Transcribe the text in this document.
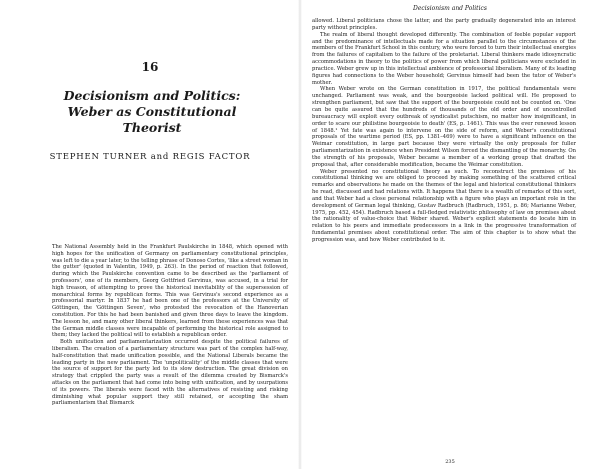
16
Decisionism and Politics:
Weber as Constitutional
Theorist
STEPHEN TURNER and REGIS FACTOR

The National Assembly held in the Frankfurt Paulskirche in 1848, which opened with high hopes for the unification of Germany on parliamentary constitutional principles, was left to die a year later, to the telling phrase of Donoso Cortes, 'like a street woman in the gutter' (quoted in Valentin, 1949, p. 263). In the period of reaction that followed, during which the Paulskirche convention came to be described as the 'parliament of professors', one of its members, Georg Gottfried Gervinus, was accused, in a trial for high treason, of attempting to prove the historical inevitability of the supersession of monarchical forms by republican forms. This was Gervinus's second experience as a professorial martyr. In 1837 he had been one of the professors at the University of Göttingen, the 'Göttingen Seven', who protested the revocation of the Hanoverian constitution. For this he had been banished and given three days to leave the kingdom. The lesson he, and many other liberal thinkers, learned from these experiences was that the German middle classes were incapable of performing the historical role assigned to them; they lacked the political will to establish a republican order.

Both unification and parliamentarization occurred despite the political failures of liberalism. The creation of a parliamentary structure was part of the complex half-way, half-constitution that made unification possible, and the National Liberals became the leading party in the new parliament. The 'unpoliticality' of the middle classes that were the source of support for the party led to its slow destruction. The great division on strategy that crippled the party was a result of the dilemma created by Bismarck's attacks on the parliament that had come into being with unification, and by usurpations of its powers. The liberals were faced with the alternatives of resisting and risking diminishing what popular support they still retained, or accepting the sham parliamentarism that Bismarck

Decisionism and Politics

allowed. Liberal politicians chose the latter, and the party gradually degenerated into an interest party without principles.

The realm of liberal thought developed differently. The combination of feeble popular support and the predominance of intellectuals made for a situation parallel to the circumstances of the members of the Frankfurt School in this century, who were forced to turn their intellectual energies from the failures of capitalism to the failure of the proletariat. Liberal thinkers made idiosyncratic accommodations in theory to the politics of power from which liberal politicians were excluded in practice. Weber grew up in this intellectual ambience of professorial liberalism. Many of its leading figures had connections to the Weber household; Gervinus himself had been the tutor of Weber's mother.

When Weber wrote on the German constitution in 1917, the political fundamentals were unchanged. Parliament was weak, and the bourgeoisie lacked political will. He proposed to strengthen parliament, but saw that the support of the bourgeoisie could not be counted on. 'One can be quite assured that the hundreds of thousands of the old order and of uncontrolled bureaucracy will exploit every outbreak of syndicalist putschism, no matter how insignificant, in order to scare our philistine bourgeoisie to death' (ES, p. 1461). This was the ever renewed lesson of 1848.¹ Yet fate was again to intervene on the side of reform, and Weber's constitutional proposals of the wartime period (ES, pp. 1381–469) were to have a significant influence on the Weimar constitution, in large part because they were virtually the only proposals for fuller parliamentarization in existence when President Wilson forced the dismantling of the monarchy. On the strength of his proposals, Weber became a member of a working group that drafted the proposal that, after considerable modification, became the Weimar constitution.

Weber presented no constitutional theory as such. To reconstruct the premises of his constitutional thinking we are obliged to proceed by making something of the scattered critical remarks and observations he made on the themes of the legal and historical constitutional thinkers he read, discussed and had relations with. It happens that there is a wealth of remarks of this sort, and that Weber had a close personal relationship with a figure who plays an important role in the development of German legal thinking, Gustav Radbruch (Radbruch, 1951, p. 86; Marianne Weber, 1975, pp. 452, 454). Radbruch based a full-fledged relativistic philosophy of law on premises about the rationality of value-choice that Weber shared. Weber's explicit statements do locate him in relation to his peers and immediate predecessors in a link in the progressive transformation of fundamental premises about constitutional order. The aim of this chapter is to show what the progression was, and how Weber contributed to it.

235
